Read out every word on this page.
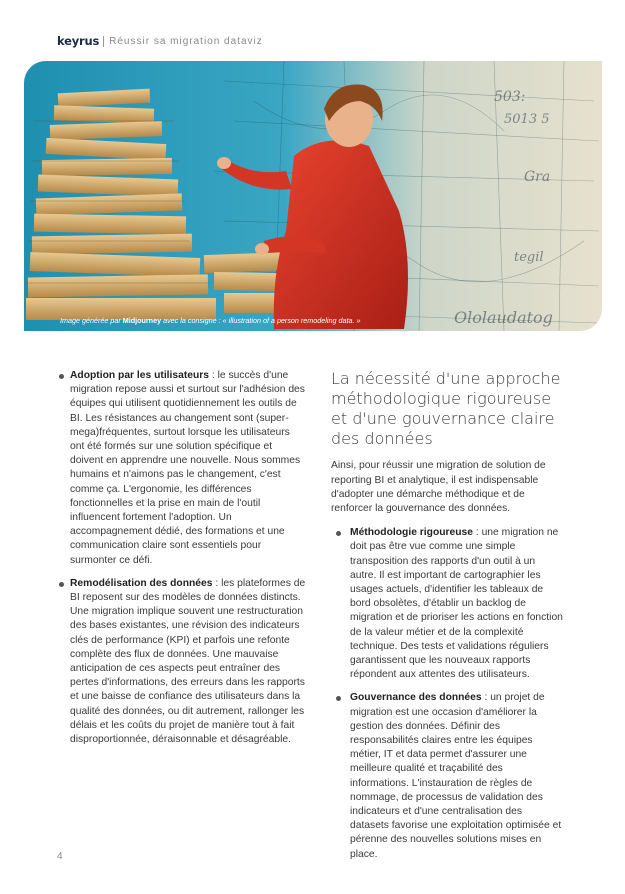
keyrus Réussir sa migration dataviz
503:
5013 5
Gra
tegil
Ololaudatog
Image générée par Midjourney avec la consigne : « illustration of a person remodeling data. »
Adoption par les utilisateurs : le succès d'une migration repose aussi et surtout sur l'adhésion des équipes qui utilisent quotidiennement les outils de BI. Les résistances au changement sont (super-mega)fréquentes, surtout lorsque les utilisateurs ont été formés sur une solution spécifique et doivent en apprendre une nouvelle. Nous sommes humains et n'aimons pas le changement, c'est comme ça. L'ergonomie, les différences fonctionnelles et la prise en main de l'outil influencent fortement l'adoption. Un accompagnement dédié, des formations et une communication claire sont essentiels pour surmonter ce défi.
Remodélisation des données : les plateformes de BI reposent sur des modèles de données distincts. Une migration implique souvent une restructuration des bases existantes, une révision des indicateurs clés de performance (KPI) et parfois une refonte complète des flux de données. Une mauvaise anticipation de ces aspects peut entraîner des pertes d'informations, des erreurs dans les rapports et une baisse de confiance des utilisateurs dans la qualité des données, ou dit autrement, rallonger les délais et les coûts du projet de manière tout à fait disproportionnée, déraisonnable et désagréable.
La nécessité d'une approche méthodologique rigoureuse et d'une gouvernance claire des données

Ainsi, pour réussir une migration de solution de reporting BI et analytique, il est indispensable d'adopter une démarche méthodique et de renforcer la gouvernance des données.

Méthodologie rigoureuse : une migration ne doit pas être vue comme une simple transposition des rapports d'un outil à un autre. Il est important de cartographier les usages actuels, d'identifier les tableaux de bord obsolètes, d'établir un backlog de migration et de prioriser les actions en fonction de la valeur métier et de la complexité technique. Des tests et validations réguliers garantissent que les nouveaux rapports répondent aux attentes des utilisateurs.
Gouvernance des données : un projet de migration est une occasion d'améliorer la gestion des données. Définir des responsabilités claires entre les équipes métier, IT et data permet d'assurer une meilleure qualité et traçabilité des informations. L'instauration de règles de nommage, de processus de validation des indicateurs et d'une centralisation des datasets favorise une exploitation optimisée et pérenne des nouvelles solutions mises en place.
4
